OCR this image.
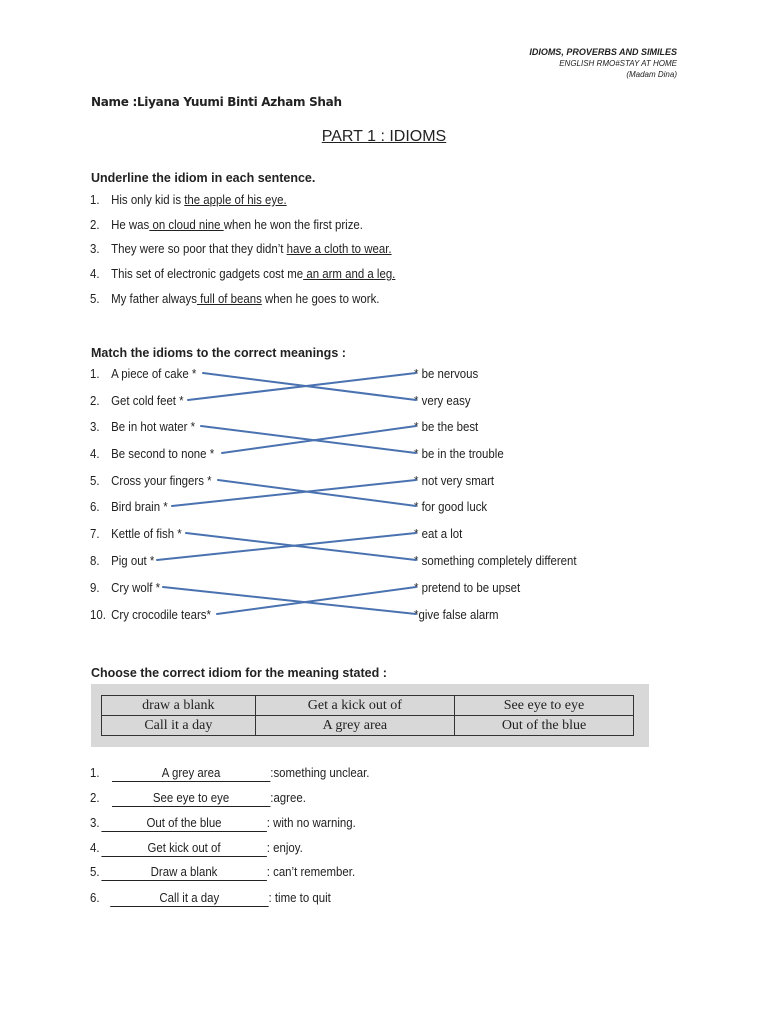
IDIOMS, PROVERBS AND SIMILES
ENGLISH RMO#STAY AT HOME
(Madam Dina)
Name :Liyana Yuumi Binti Azham Shah
PART 1 : IDIOMS
Underline the idiom in each sentence.
1. His only kid is the apple of his eye.
2. He was on cloud nine when he won the first prize.
3. They were so poor that they didn’t have a cloth to wear.
4. This set of electronic gadgets cost me an arm and a leg.
5. My father always full of beans when he goes to work.
Match the idioms to the correct meanings :
1. A piece of cake *
2. Get cold feet *
3. Be in hot water *
4. Be second to none *
5. Cross your fingers *
6. Bird brain *
7. Kettle of fish *
8. Pig out *
9. Cry wolf *
10. Cry crocodile tears*
* be nervous
* very easy
* be the best
* be in the trouble
* not very smart
* for good luck
* eat a lot
* something completely different
* pretend to be upset
*give false alarm
Choose the correct idiom for the meaning stated :
draw a blank	Get a kick out of	See eye to eye
Call it a day	A grey area	Out of the blue
1.	A grey area	:something unclear.
2.	See eye to eye	:agree.
3.	Out of the blue	: with no warning.
4.	Get kick out of	: enjoy.
5.	Draw a blank	: can’t remember.
6.	Call it a day	: time to quit
